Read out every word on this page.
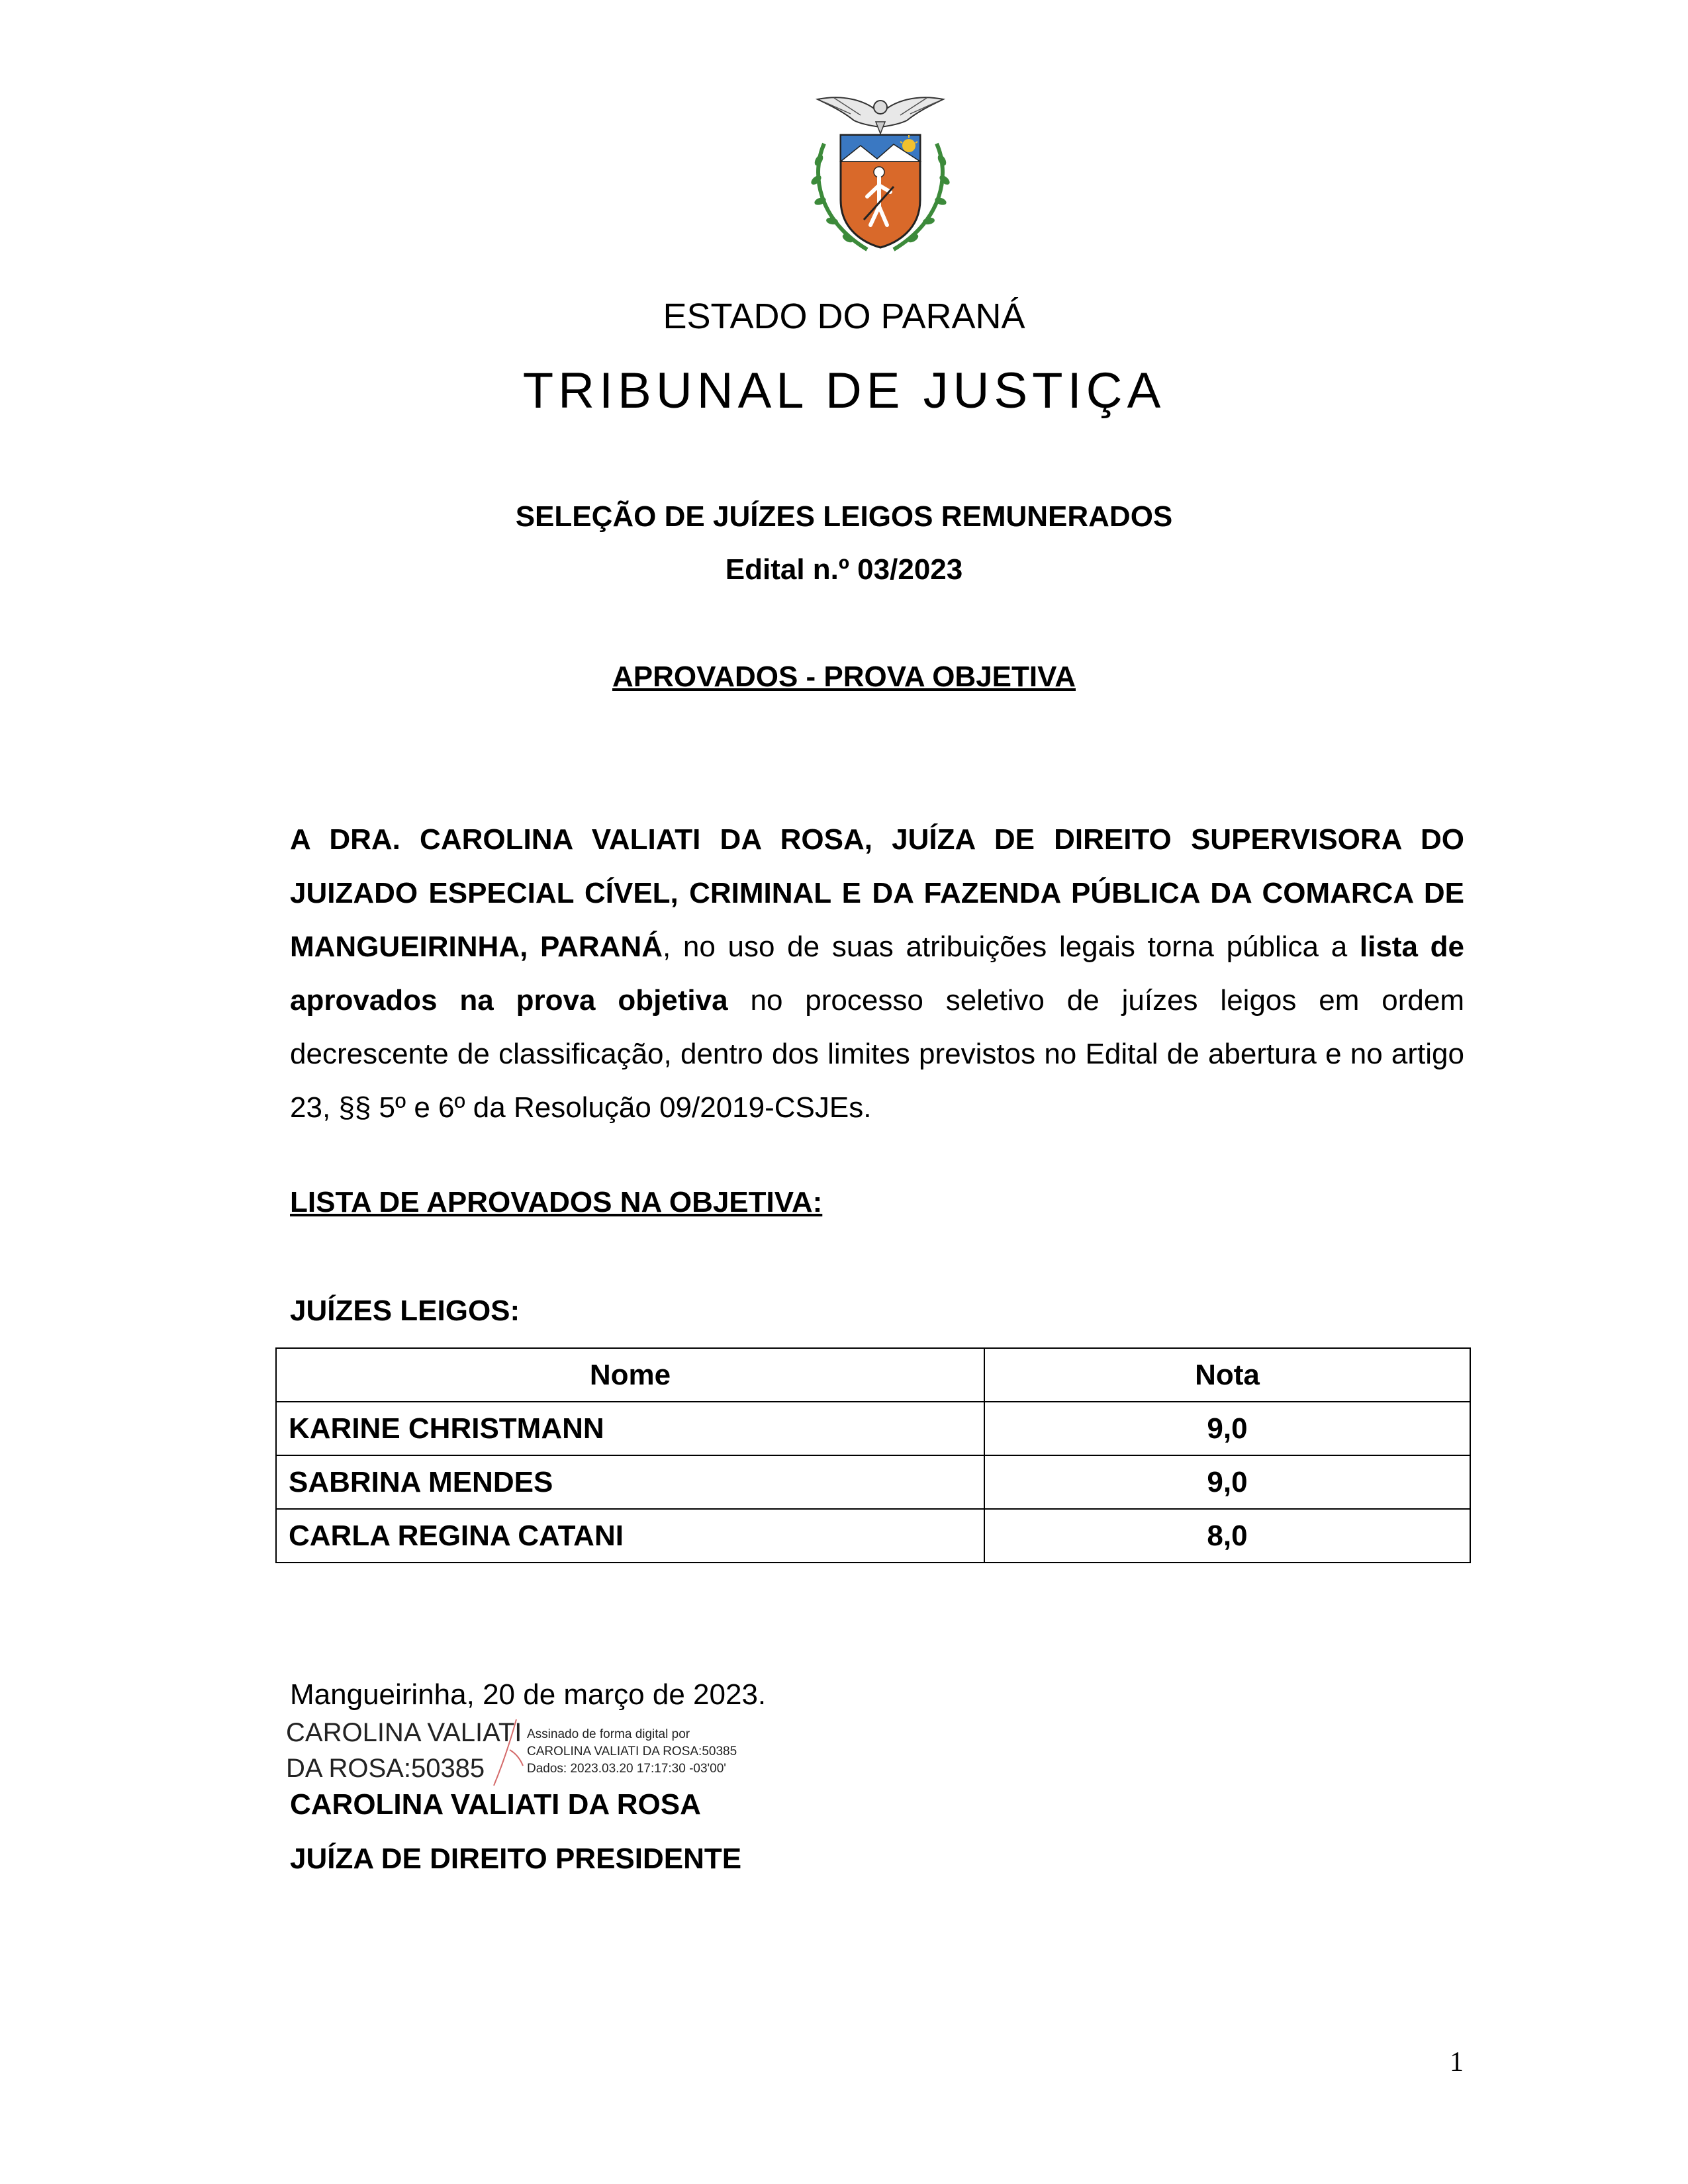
ESTADO DO PARANÁ
TRIBUNAL DE JUSTIÇA
SELEÇÃO DE JUÍZES LEIGOS REMUNERADOS
Edital n.º 03/2023
APROVADOS - PROVA OBJETIVA
A DRA. CAROLINA VALIATI DA ROSA, JUÍZA DE DIREITO SUPERVISORA DO JUIZADO ESPECIAL CÍVEL, CRIMINAL E DA FAZENDA PÚBLICA DA COMARCA DE MANGUEIRINHA, PARANÁ, no uso de suas atribuições legais torna pública a lista de aprovados na prova objetiva no processo seletivo de juízes leigos em ordem decrescente de classificação, dentro dos limites previstos no Edital de abertura e no artigo 23, §§ 5º e 6º da Resolução 09/2019-CSJEs.
LISTA DE APROVADOS NA OBJETIVA:
JUÍZES LEIGOS:
Nome	Nota
KARINE CHRISTMANN	9,0
SABRINA MENDES	9,0
CARLA REGINA CATANI	8,0
Mangueirinha, 20 de março de 2023.
CAROLINA VALIATI
DA ROSA:50385
Assinado de forma digital por
CAROLINA VALIATI DA ROSA:50385
Dados: 2023.03.20 17:17:30 -03'00'
CAROLINA VALIATI DA ROSA
JUÍZA DE DIREITO PRESIDENTE
1
